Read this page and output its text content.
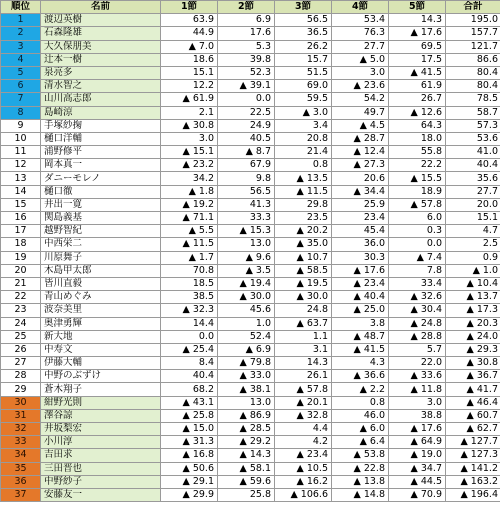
順位	名前	1節	2節	3節	4節	5節	合計
1	渡辺英樹	63.9	6.9	56.5	53.4	14.3	195.0
2	石森隆雄	44.9	17.6	36.5	76.3	▲ 17.6	157.7
3	大久保朋美	▲ 7.0	5.3	26.2	27.7	69.5	121.7
4	辻本一樹	18.6	39.8	15.7	▲ 5.0	17.5	86.6
5	泉亮多	15.1	52.3	51.5	3.0	▲ 41.5	80.4
6	清水智之	12.2	▲ 39.1	69.0	▲ 23.6	61.9	80.4
7	山川高志郎	▲ 61.9	0.0	59.5	54.2	26.7	78.5
8	島崎涼	2.1	22.5	▲ 3.0	49.7	▲ 12.6	58.7
9	手塚紗掬	▲ 30.8	24.9	3.4	▲ 4.5	64.3	57.3
10	樋口洋輔	3.0	40.5	20.8	▲ 28.7	18.0	53.6
11	浦野修平	▲ 15.1	▲ 8.7	21.4	▲ 12.4	55.8	41.0
12	岡本真一	▲ 23.2	67.9	0.8	▲ 27.3	22.2	40.4
13	ダニーモレノ	34.2	9.8	▲ 13.5	20.6	▲ 15.5	35.6
14	樋口徹	▲ 1.8	56.5	▲ 11.5	▲ 34.4	18.9	27.7
15	井出一寛	▲ 19.2	41.3	29.8	25.9	▲ 57.8	20.0
16	関島義基	▲ 71.1	33.3	23.5	23.4	6.0	15.1
17	越野智紀	▲ 5.5	▲ 15.3	▲ 20.2	45.4	0.3	4.7
18	中西栄二	▲ 11.5	13.0	▲ 35.0	36.0	0.0	2.5
19	川原舞子	▲ 1.7	▲ 9.6	▲ 10.7	30.3	▲ 7.4	0.9
20	木島甲太郎	70.8	▲ 3.5	▲ 58.5	▲ 17.6	7.8	▲ 1.0
21	皆川直毅	18.5	▲ 19.4	▲ 19.5	▲ 23.4	33.4	▲ 10.4
22	青山めぐみ	38.5	▲ 30.0	▲ 30.0	▲ 40.4	▲ 32.6	▲ 13.7
23	波奈美里	▲ 32.3	45.6	24.8	▲ 25.0	▲ 30.4	▲ 17.3
24	奥津勇輝	14.4	1.0	▲ 63.7	3.8	▲ 24.8	▲ 20.3
25	新大地	0.0	52.4	1.1	▲ 48.7	▲ 28.8	▲ 24.0
26	中寿文	▲ 25.4	▲ 6.9	3.1	▲ 41.5	5.7	▲ 29.3
27	伊藤大輔	8.4	▲ 79.8	14.3	4.3	22.0	▲ 30.8
28	中野のぶずけ	40.4	▲ 33.0	26.1	▲ 36.6	▲ 33.6	▲ 36.7
29	蒼木翔子	68.2	▲ 38.1	▲ 57.8	▲ 2.2	▲ 11.8	▲ 41.7
30	紺野光則	▲ 43.1	13.0	▲ 20.1	0.8	3.0	▲ 46.4
31	澤谷諒	▲ 25.8	▲ 86.9	▲ 32.8	46.0	38.8	▲ 60.7
32	井坂梨宏	▲ 15.0	▲ 28.5	4.4	▲ 6.0	▲ 17.6	▲ 62.7
33	小川淳	▲ 31.3	▲ 29.2	4.2	▲ 6.4	▲ 64.9	▲ 127.7
34	吉田求	▲ 16.8	▲ 14.3	▲ 23.4	▲ 53.8	▲ 19.0	▲ 127.3
35	三田晋也	▲ 50.6	▲ 58.1	▲ 10.5	▲ 22.8	▲ 34.7	▲ 141.2
36	中野紗子	▲ 29.1	▲ 59.6	▲ 16.2	▲ 13.8	▲ 44.5	▲ 163.2
37	安藤友一	▲ 29.9	25.8	▲ 106.6	▲ 14.8	▲ 70.9	▲ 196.4
